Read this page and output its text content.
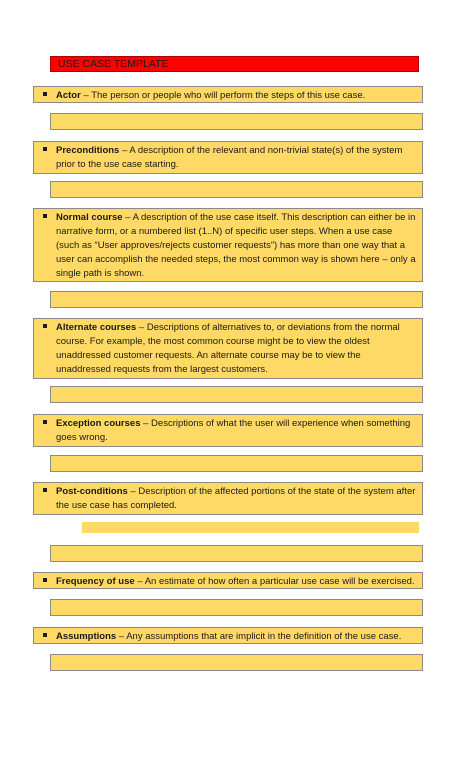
USE CASE TEMPLATE
Actor – The person or people who will perform the steps of this use case.
Preconditions – A description of the relevant and non-trivial state(s) of the system prior to the use case starting.
Normal course – A description of the use case itself. This description can either be in narrative form, or a numbered list (1..N) of specific user steps. When a use case (such as “User approves/rejects customer requests”) has more than one way that a user can accomplish the needed steps, the most common way is shown here – only a single path is shown.
Alternate courses – Descriptions of alternatives to, or deviations from the normal course. For example, the most common course might be to view the oldest unaddressed customer requests. An alternate course may be to view the unaddressed requests from the largest customers.
Exception courses – Descriptions of what the user will experience when something goes wrong.
Post-conditions – Description of the affected portions of the state of the system after the use case has completed.
Frequency of use – An estimate of how often a particular use case will be exercised.
Assumptions – Any assumptions that are implicit in the definition of the use case.
